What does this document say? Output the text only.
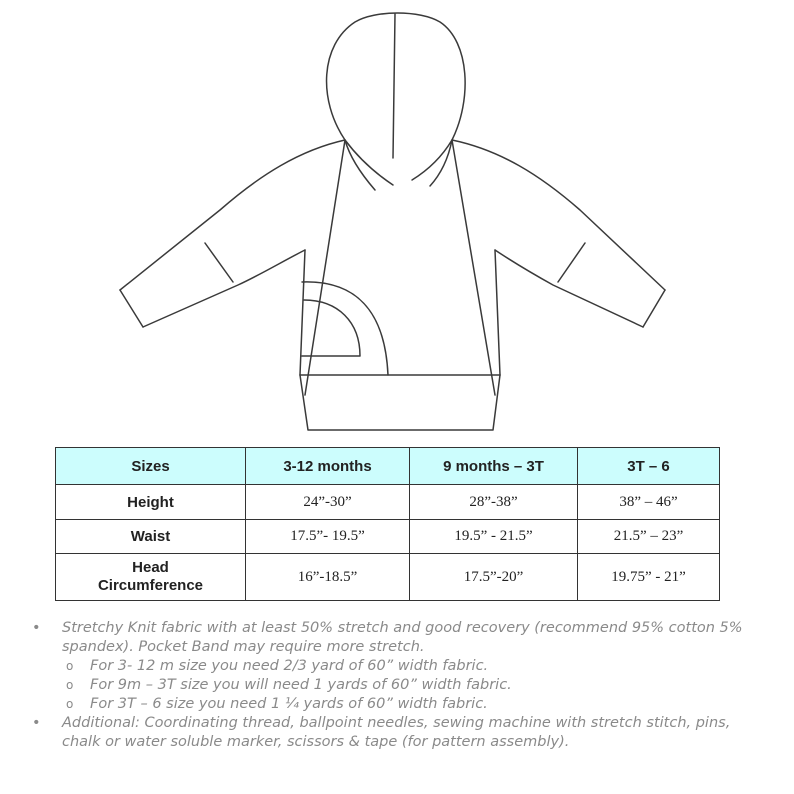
Sizes	3-12 months	9 months – 3T	3T – 6
Height	24”-30”	28”-38”	38” – 46”
Waist	17.5”- 19.5”	19.5” - 21.5”	21.5” – 23”
Head
Circumference	16”-18.5”	17.5”-20”	19.75” - 21”
• Stretchy Knit fabric with at least 50% stretch and good recovery (recommend 95% cotton 5% spandex). Pocket Band may require more stretch.
o For 3- 12 m size you need 2/3 yard of 60” width fabric.
o For 9m – 3T size you will need 1 yards of 60” width fabric.
o For 3T – 6 size you need 1 ¼ yards of 60” width fabric.
• Additional: Coordinating thread, ballpoint needles, sewing machine with stretch stitch, pins, chalk or water soluble marker, scissors & tape (for pattern assembly).
